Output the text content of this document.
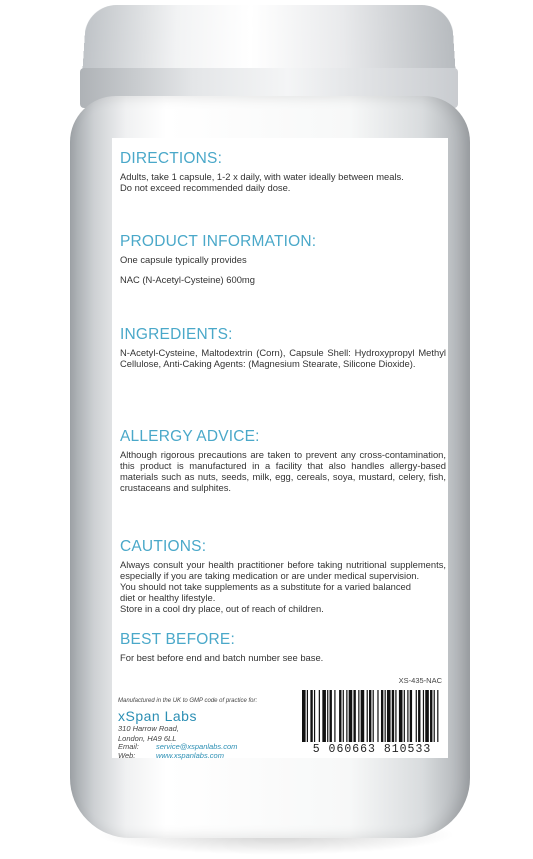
DIRECTIONS:

Adults, take 1 capsule, 1-2 x daily, with water ideally between meals.

Do not exceed recommended daily dose.

PRODUCT INFORMATION:

One capsule typically provides

NAC (N-Acetyl-Cysteine) 600mg

INGREDIENTS:

N-Acetyl-Cysteine, Maltodextrin (Corn), Capsule Shell: Hydroxypropyl Methyl Cellulose, Anti-Caking Agents: (Magnesium Stearate, Silicone Dioxide).

ALLERGY ADVICE:

Although rigorous precautions are taken to prevent any cross-contamination, this product is manufactured in a facility that also handles allergy-based materials such as nuts, seeds, milk, egg, cereals, soya, mustard, celery, fish, crustaceans and sulphites.

CAUTIONS:

Always consult your health practitioner before taking nutritional supplements, especially if you are taking medication or are under medical supervision.

You should not take supplements as a substitute for a varied balanced

diet or healthy lifestyle.

Store in a cool dry place, out of reach of children.

BEST BEFORE:

For best before end and batch number see base.

XS-435-NAC
Manufactured in the UK to GMP code of practice for:
xSpan Labs
310 Harrow Road,
London, HA9 6LL
Email:	service@xspanlabs.com
Web:	www.xspanlabs.com	5 060663 810533
